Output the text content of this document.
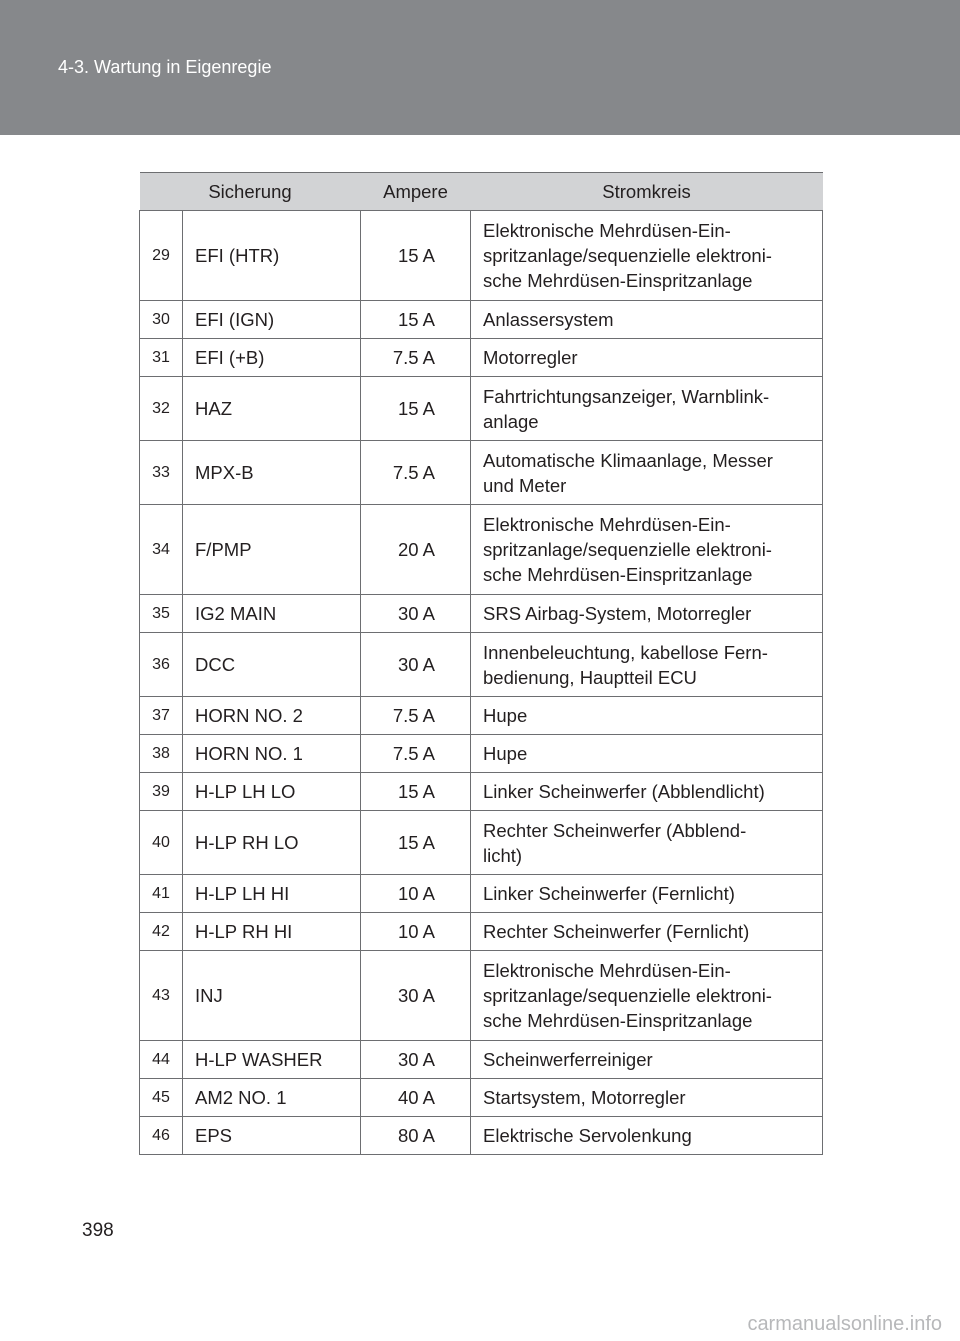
4-3. Wartung in Eigenregie
Sicherung		Ampere	Stromkreis
29	EFI (HTR)	15 A	Elektronische Mehrdüsen-Ein-
spritzanlage/sequenzielle elektroni-
sche Mehrdüsen-Einspritzanlage

30	EFI (IGN)	15 A	Anlassersystem

31	EFI (+B)	7.5 A	Motorregler

32	HAZ	15 A	Fahrtrichtungsanzeiger, Warnblink-
anlage

33	MPX-B	7.5 A	Automatische Klimaanlage, Messer
und Meter

34	F/PMP	20 A	Elektronische Mehrdüsen-Ein-
spritzanlage/sequenzielle elektroni-
sche Mehrdüsen-Einspritzanlage

35	IG2 MAIN	30 A	SRS Airbag-System, Motorregler

36	DCC	30 A	Innenbeleuchtung, kabellose Fern-
bedienung, Hauptteil ECU

37	HORN NO. 2	7.5 A	Hupe

38	HORN NO. 1	7.5 A	Hupe

39	H-LP LH LO	15 A	Linker Scheinwerfer (Abblendlicht)

40	H-LP RH LO	15 A	Rechter Scheinwerfer (Abblend-
licht)

41	H-LP LH HI	10 A	Linker Scheinwerfer (Fernlicht)

42	H-LP RH HI	10 A	Rechter Scheinwerfer (Fernlicht)

43	INJ	30 A	Elektronische Mehrdüsen-Ein-
spritzanlage/sequenzielle elektroni-
sche Mehrdüsen-Einspritzanlage

44	H-LP WASHER	30 A	Scheinwerferreiniger

45	AM2 NO. 1	40 A	Startsystem, Motorregler

46	EPS	80 A	Elektrische Servolenkung
398
carmanualsonline.info
